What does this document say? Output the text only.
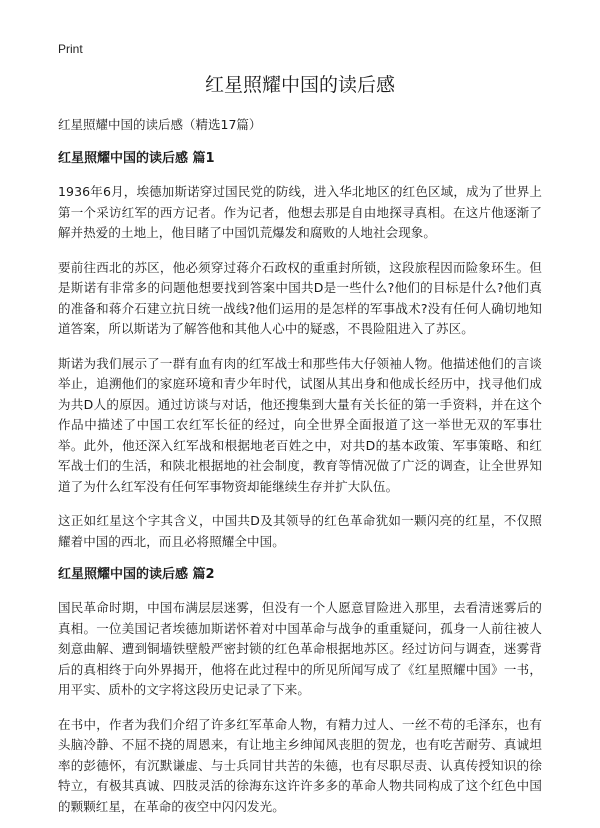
Print
红星照耀中国的读后感
红星照耀中国的读后感（精选17篇）
红星照耀中国的读后感 篇1

1936年6月，埃德加斯诺穿过国民党的防线，进入华北地区的红色区域，成为了世界上第一个采访红军的西方记者。作为记者，他想去那是自由地探寻真相。在这片他逐渐了解并热爱的土地上，他目睹了中国饥荒爆发和腐败的人地社会现象。

要前往西北的苏区，他必须穿过蒋介石政权的重重封所锁，这段旅程因而险象环生。但是斯诺有非常多的问题他想要找到答案中国共D是一些什么?他们的目标是什么?他们真的准备和蒋介石建立抗日统一战线?他们运用的是怎样的军事战术?没有任何人确切地知道答案，所以斯诺为了解答他和其他人心中的疑惑，不畏险阻进入了苏区。

斯诺为我们展示了一群有血有肉的红军战士和那些伟大仔领袖人物。他描述他们的言谈举止，追溯他们的家庭环境和青少年时代，试图从其出身和他成长经历中，找寻他们成为共D人的原因。通过访谈与对话，他还搜集到大量有关长征的第一手资料，并在这个作品中描述了中国工农红军长征的经过，向全世界全面报道了这一举世无双的军事壮举。此外，他还深入红军战和根据地老百姓之中，对共D的基本政策、军事策略、和红军战士们的生活，和陕北根据地的社会制度，教育等情况做了广泛的调查，让全世界知道了为什么红军没有任何军事物资却能继续生存并扩大队伍。

这正如红星这个字其含义，中国共D及其领导的红色革命犹如一颗闪亮的红星，不仅照耀着中国的西北，而且必将照耀全中国。

红星照耀中国的读后感 篇2

国民革命时期，中国布满层层迷雾，但没有一个人愿意冒险进入那里，去看清迷雾后的真相。一位美国记者埃德加斯诺怀着对中国革命与战争的重重疑问，孤身一人前往被人刻意曲解、遭到铜墙铁壁般严密封锁的红色革命根据地苏区。经过访问与调查，迷雾背后的真相终于向外界揭开，他将在此过程中的所见所闻写成了《红星照耀中国》一书，用平实、质朴的文字将这段历史记录了下来。

在书中，作者为我们介绍了许多红军革命人物，有精力过人、一丝不苟的毛泽东，也有头脑冷静、不屈不挠的周恩来，有让地主乡绅闻风丧胆的贺龙，也有吃苦耐劳、真诚坦率的彭德怀，有沉默谦虚、与士兵同甘共苦的朱德，也有尽职尽责、认真传授知识的徐特立，有极其真诚、四肢灵活的徐海东这许许多多的革命人物共同构成了这个红色中国的颗颗红星，在革命的夜空中闪闪发光。
